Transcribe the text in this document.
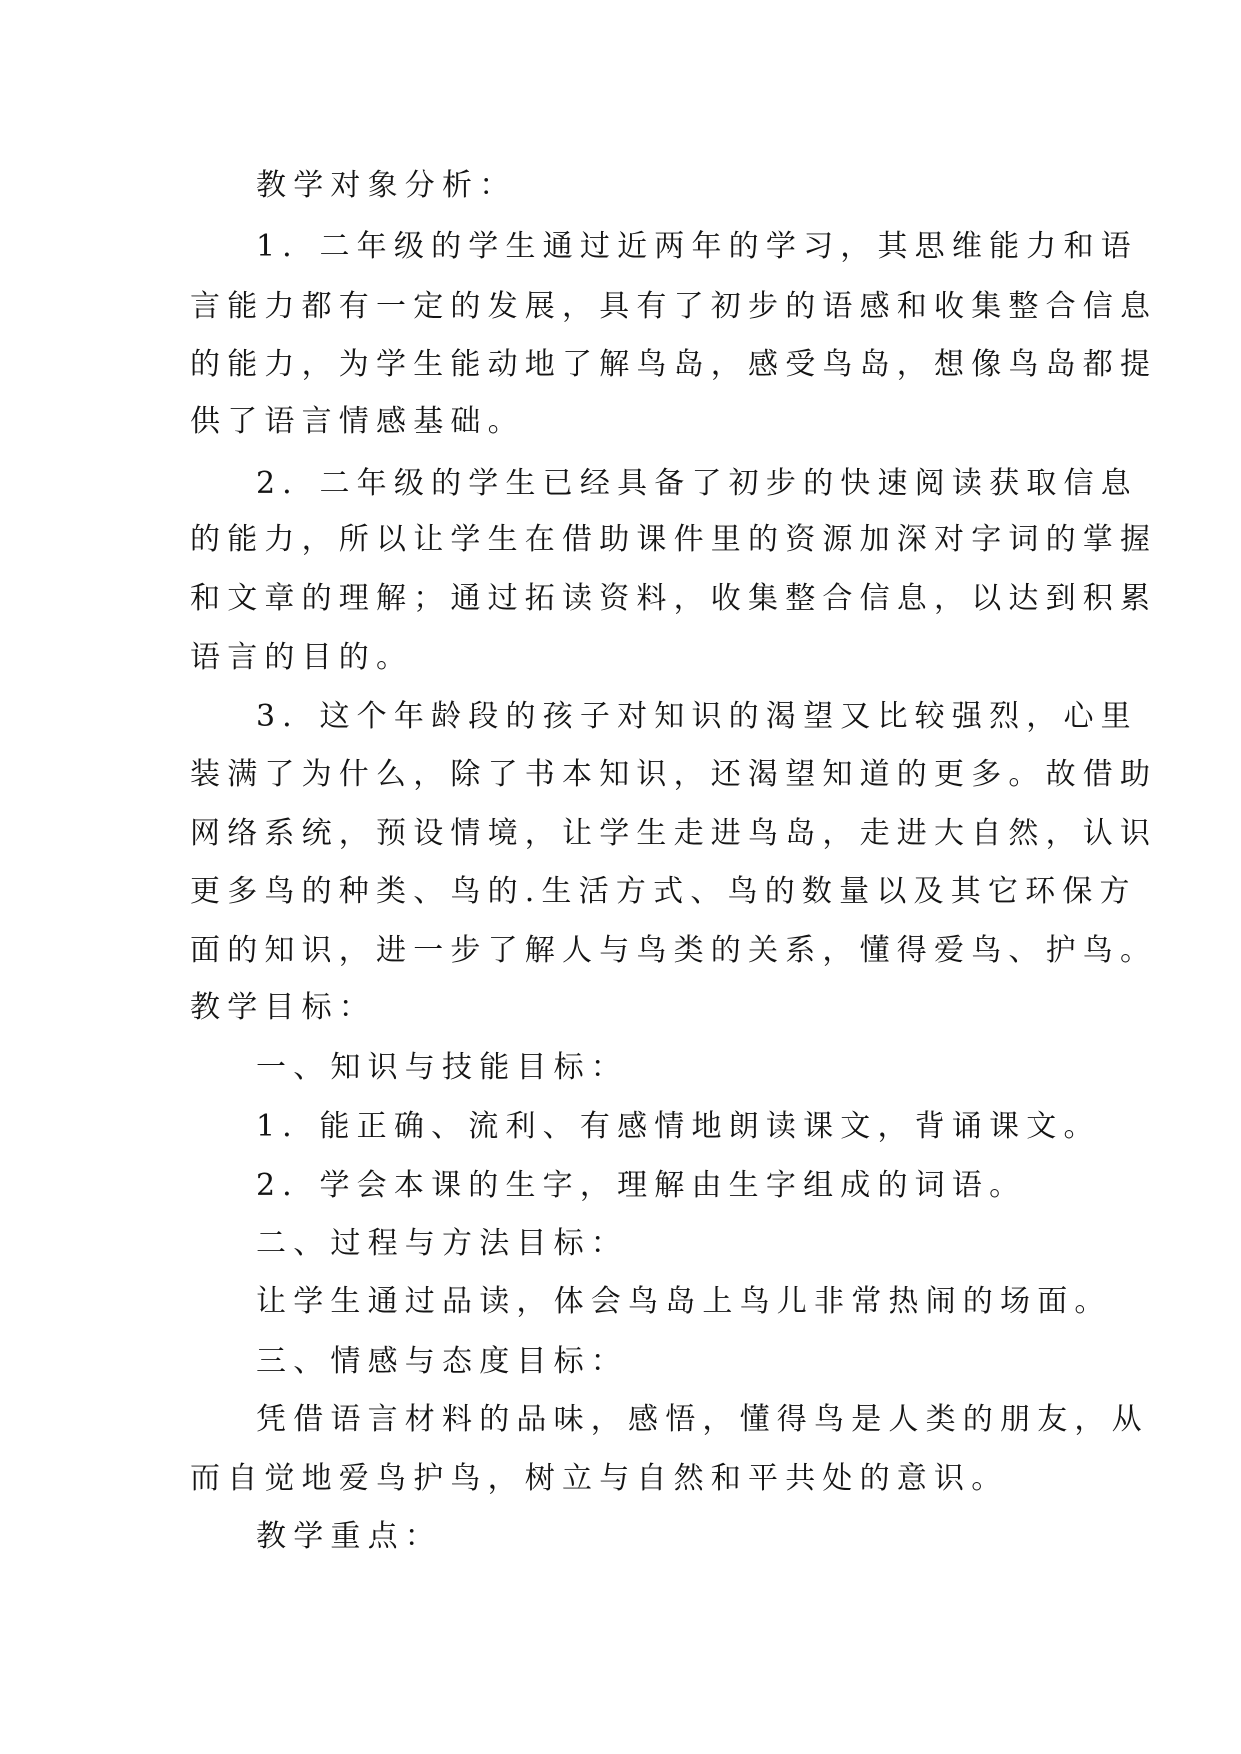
教学对象分析：
1．二年级的学生通过近两年的学习，其思维能力和语
言能力都有一定的发展，具有了初步的语感和收集整合信息
的能力，为学生能动地了解鸟岛，感受鸟岛，想像鸟岛都提
供了语言情感基础。
2．二年级的学生已经具备了初步的快速阅读获取信息
的能力，所以让学生在借助课件里的资源加深对字词的掌握
和文章的理解；通过拓读资料，收集整合信息，以达到积累
语言的目的。
3．这个年龄段的孩子对知识的渴望又比较强烈，心里
装满了为什么，除了书本知识，还渴望知道的更多。故借助
网络系统，预设情境，让学生走进鸟岛，走进大自然，认识
更多鸟的种类、鸟的.生活方式、鸟的数量以及其它环保方
面的知识，进一步了解人与鸟类的关系，懂得爱鸟、护鸟。
教学目标：
一、知识与技能目标：
1．能正确、流利、有感情地朗读课文，背诵课文。
2．学会本课的生字，理解由生字组成的词语。
二、过程与方法目标：
让学生通过品读，体会鸟岛上鸟儿非常热闹的场面。
三、情感与态度目标：
凭借语言材料的品味，感悟，懂得鸟是人类的朋友，从
而自觉地爱鸟护鸟，树立与自然和平共处的意识。
教学重点：
